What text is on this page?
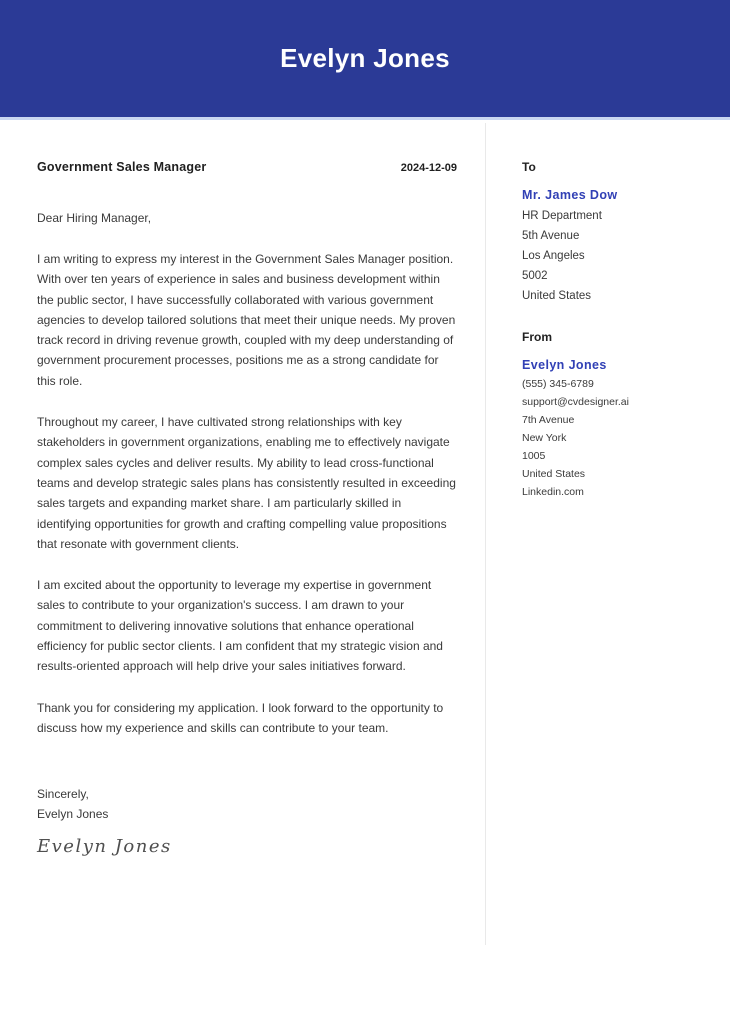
Evelyn Jones
Government Sales Manager	2024-12-09

Dear Hiring Manager,

I am writing to express my interest in the Government Sales Manager position. With over ten years of experience in sales and business development within the public sector, I have successfully collaborated with various government agencies to develop tailored solutions that meet their unique needs. My proven track record in driving revenue growth, coupled with my deep understanding of government procurement processes, positions me as a strong candidate for this role.

Throughout my career, I have cultivated strong relationships with key stakeholders in government organizations, enabling me to effectively navigate complex sales cycles and deliver results. My ability to lead cross-functional teams and develop strategic sales plans has consistently resulted in exceeding sales targets and expanding market share. I am particularly skilled in identifying opportunities for growth and crafting compelling value propositions that resonate with government clients.

I am excited about the opportunity to leverage my expertise in government sales to contribute to your organization's success. I am drawn to your commitment to delivering innovative solutions that enhance operational efficiency for public sector clients. I am confident that my strategic vision and results-oriented approach will help drive your sales initiatives forward.

Thank you for considering my application. I look forward to the opportunity to discuss how my experience and skills can contribute to your team.

Sincerely,
Evelyn Jones
Evelyn Jones
To
Mr. James Dow
HR Department
5th Avenue
Los Angeles
5002
United States
From
Evelyn Jones
(555) 345-6789
support@cvdesigner.ai
7th Avenue
New York
1005
United States
Linkedin.com
